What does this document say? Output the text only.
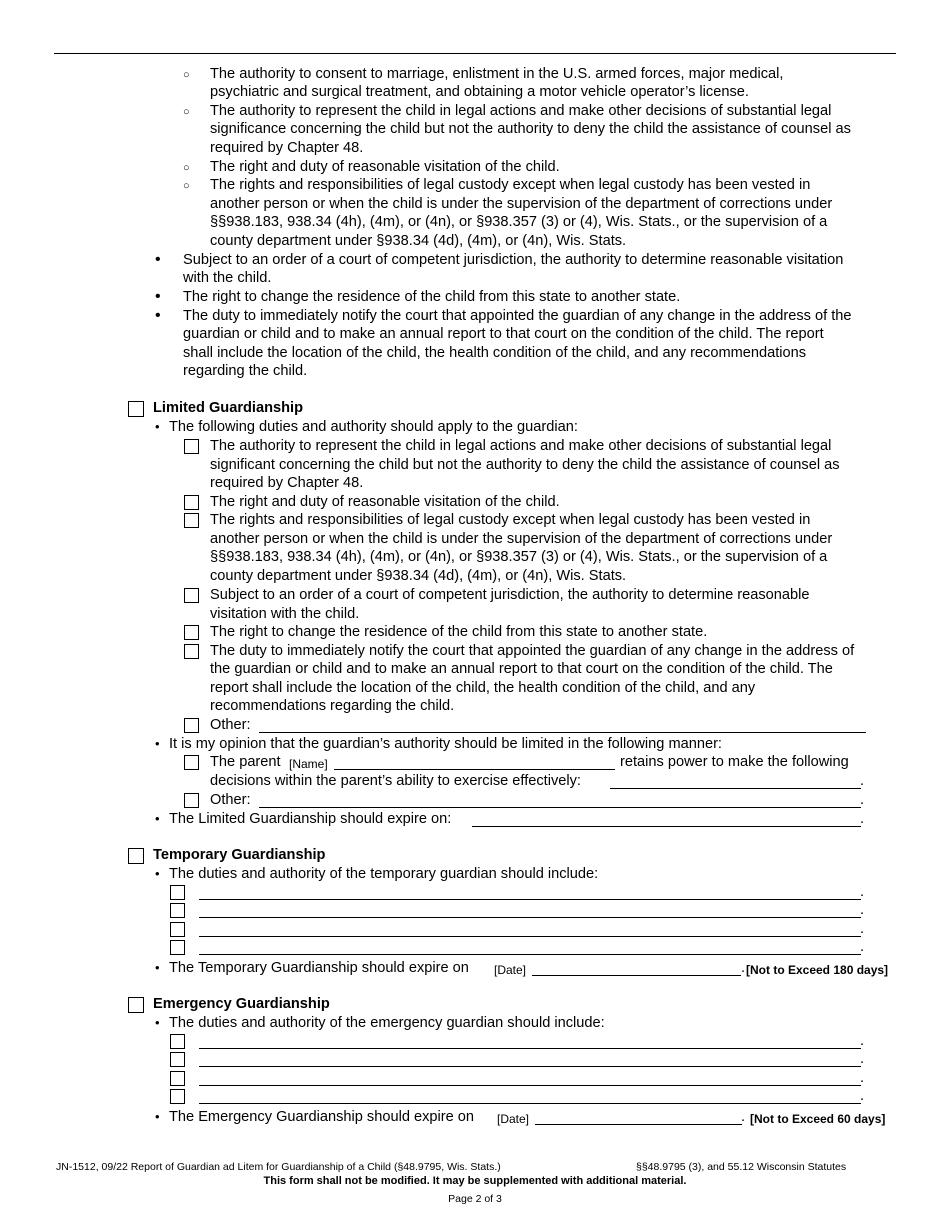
○ The authority to consent to marriage, enlistment in the U.S. armed forces, major medical,
psychiatric and surgical treatment, and obtaining a motor vehicle operator’s license.
○ The authority to represent the child in legal actions and make other decisions of substantial legal
significance concerning the child but not the authority to deny the child the assistance of counsel as
required by Chapter 48.
○ The right and duty of reasonable visitation of the child.
○ The rights and responsibilities of legal custody except when legal custody has been vested in
another person or when the child is under the supervision of the department of corrections under
§§938.183, 938.34 (4h), (4m), or (4n), or §938.357 (3) or (4), Wis. Stats., or the supervision of a
county department under §938.34 (4d), (4m), or (4n), Wis. Stats.
• Subject to an order of a court of competent jurisdiction, the authority to determine reasonable visitation
with the child.
• The right to change the residence of the child from this state to another state.
• The duty to immediately notify the court that appointed the guardian of any change in the address of the
guardian or child and to make an annual report to that court on the condition of the child. The report
shall include the location of the child, the health condition of the child, and any recommendations
regarding the child.
Limited Guardianship
• The following duties and authority should apply to the guardian:
The authority to represent the child in legal actions and make other decisions of substantial legal
significant concerning the child but not the authority to deny the child the assistance of counsel as
required by Chapter 48.
The right and duty of reasonable visitation of the child.
The rights and responsibilities of legal custody except when legal custody has been vested in
another person or when the child is under the supervision of the department of corrections under
§§938.183, 938.34 (4h), (4m), or (4n), or §938.357 (3) or (4), Wis. Stats., or the supervision of a
county department under §938.34 (4d), (4m), or (4n), Wis. Stats.
Subject to an order of a court of competent jurisdiction, the authority to determine reasonable
visitation with the child.
The right to change the residence of the child from this state to another state.
The duty to immediately notify the court that appointed the guardian of any change in the address of
the guardian or child and to make an annual report to that court on the condition of the child. The
report shall include the location of the child, the health condition of the child, and any
recommendations regarding the child.
Other:
• It is my opinion that the guardian’s authority should be limited in the following manner:
The parent [Name]	retains power to make the following
decisions within the parent’s ability to exercise effectively:	.
Other:	.
• The Limited Guardianship should expire on:	.
Temporary Guardianship
• The duties and authority of the temporary guardian should include:
.
.
.
.
• The Temporary Guardianship should expire on [Date]	. [Not to Exceed 180 days]
Emergency Guardianship
• The duties and authority of the emergency guardian should include:
.
.
.
.
• The Emergency Guardianship should expire on [Date]	. [Not to Exceed 60 days]
JN-1512, 09/22 Report of Guardian ad Litem for Guardianship of a Child (§48.9795, Wis. Stats.)	§§48.9795 (3), and 55.12 Wisconsin Statutes
This form shall not be modified. It may be supplemented with additional material.
Page 2 of 3
